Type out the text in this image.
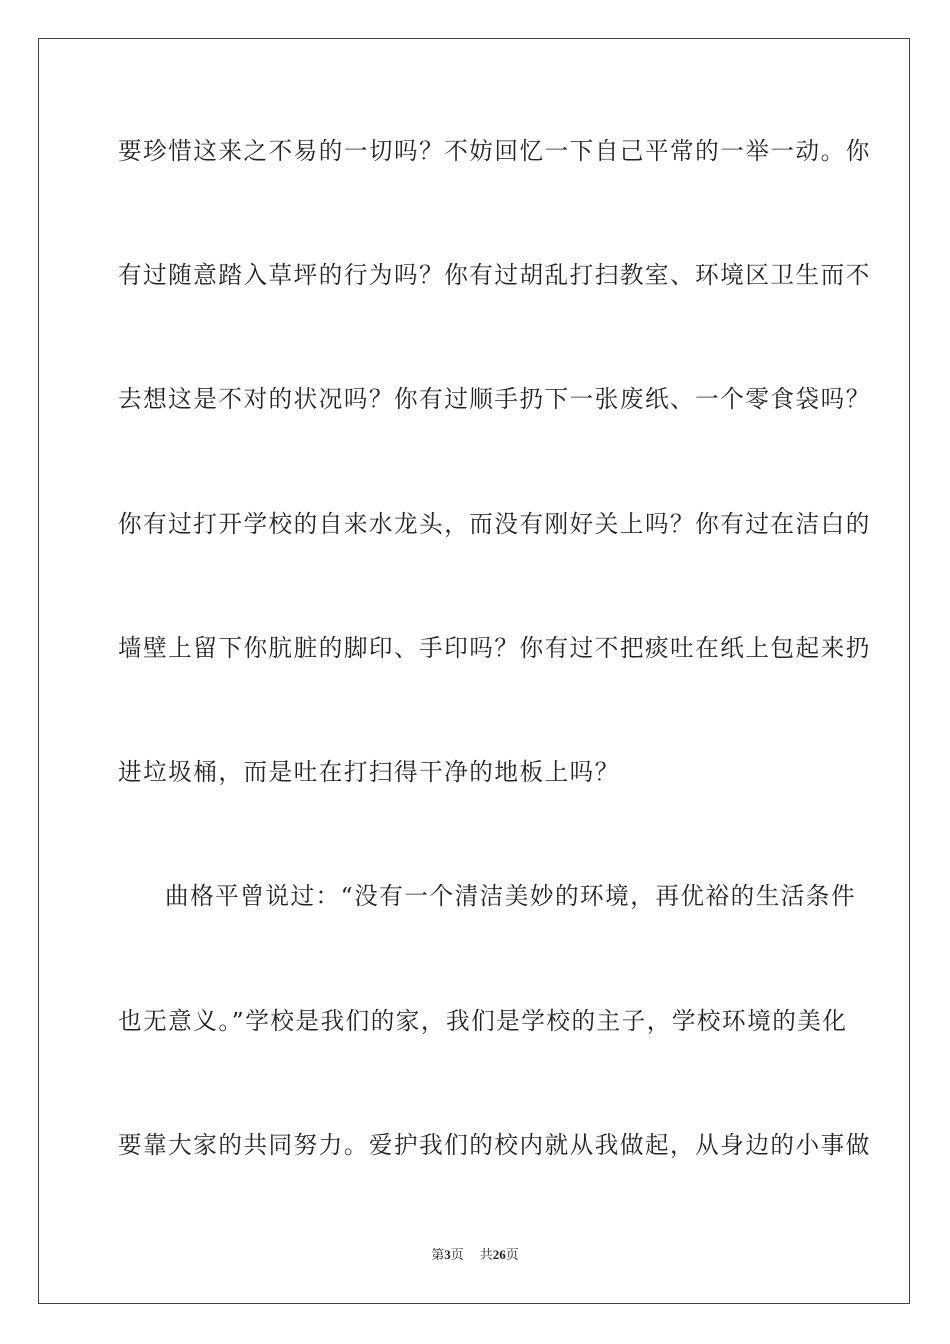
要珍惜这来之不易的一切吗？不妨回忆一下自己平常的一举一动。你
有过随意踏入草坪的行为吗？你有过胡乱打扫教室、环境区卫生而不
去想这是不对的状况吗？你有过顺手扔下一张废纸、一个零食袋吗？
你有过打开学校的自来水龙头，而没有刚好关上吗？你有过在洁白的
墙壁上留下你肮脏的脚印、手印吗？你有过不把痰吐在纸上包起来扔
进垃圾桶，而是吐在打扫得干净的地板上吗？
曲格平曾说过：“没有一个清洁美妙的环境，再优裕的生活条件
也无意义。”学校是我们的家，我们是学校的主子，学校环境的美化
要靠大家的共同努力。爱护我们的校内就从我做起，从身边的小事做
第3页 共26页
